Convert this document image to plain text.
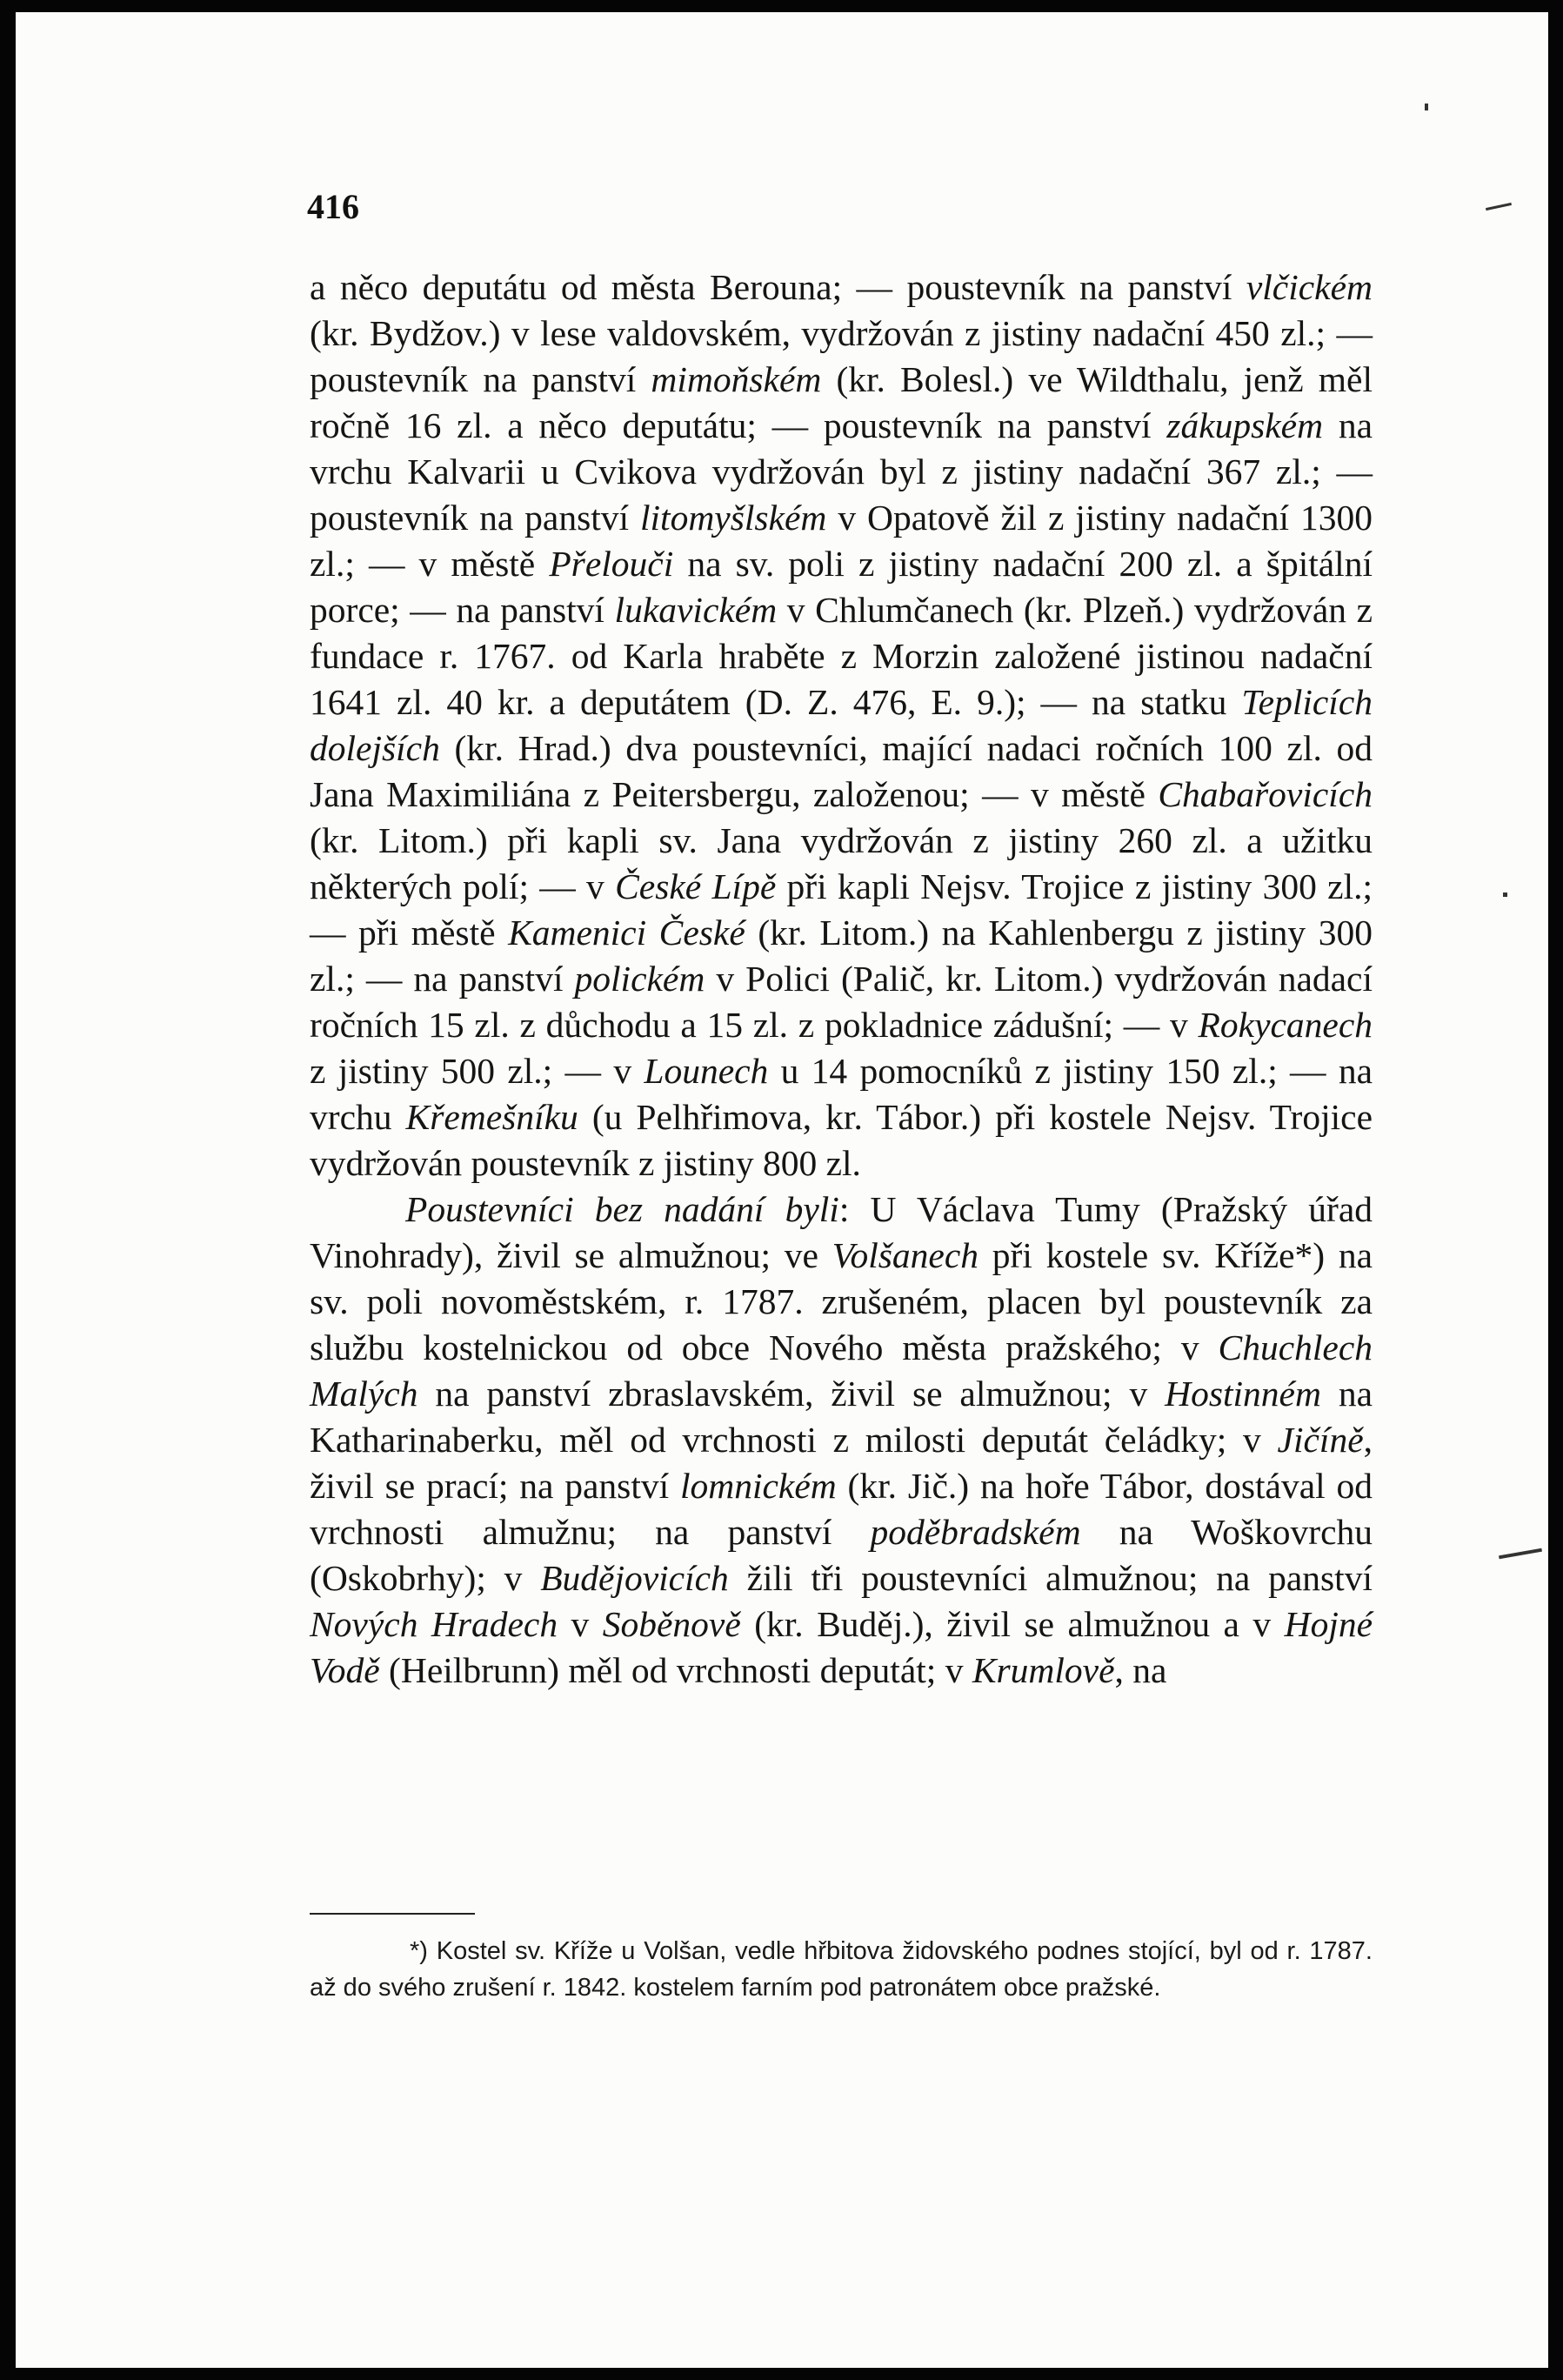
416

a něco deputátu od města Berouna; — poustevník na panství vlčickém (kr. Bydžov.) v lese valdovském, vydržován z jistiny nadační 450 zl.; — poustevník na panství mimoňském (kr. Bolesl.) ve Wildthalu, jenž měl ročně 16 zl. a něco deputátu; — poustevník na panství zákupském na vrchu Kalvarii u Cvikova vydržován byl z jistiny nadační 367 zl.; — poustevník na panství litomyšlském v Opatově žil z jistiny nadační 1300 zl.; — v městě Přelouči na sv. poli z jistiny nadační 200 zl. a špitální porce; — na panství lukavickém v Chlumčanech (kr. Plzeň.) vydržován z fundace r. 1767. od Karla hraběte z Morzin založené jistinou nadační 1641 zl. 40 kr. a deputátem (D. Z. 476, E. 9.); — na statku Teplicích dolejších (kr. Hrad.) dva poustevníci, mající nadaci ročních 100 zl. od Jana Maximiliána z Peitersbergu, založenou; — v městě Chabařovicích (kr. Litom.) při kapli sv. Jana vydržován z jistiny 260 zl. a užitku některých polí; — v České Lípě při kapli Nejsv. Trojice z jistiny 300 zl.; — při městě Kamenici České (kr. Litom.) na Kahlenbergu z jistiny 300 zl.; — na panství polickém v Polici (Palič, kr. Litom.) vydržován nadací ročních 15 zl. z důchodu a 15 zl. z pokladnice zádušní; — v Rokycanech z jistiny 500 zl.; — v Lounech u 14 pomocníků z jistiny 150 zl.; — na vrchu Křemešníku (u Pelhřimova, kr. Tábor.) při kostele Nejsv. Trojice vydržován poustevník z jistiny 800 zl.

Poustevníci bez nadání byli: U Václava Tumy (Pražský úřad Vinohrady), živil se almužnou; ve Volšanech při kostele sv. Kříže*) na sv. poli novoměstském, r. 1787. zrušeném, placen byl poustevník za službu kostelnickou od obce Nového města pražského; v Chuchlech Malých na panství zbraslavském, živil se almužnou; v Hostinném na Katharinaberku, měl od vrchnosti z milosti deputát čeládky; v Jičíně, živil se prací; na panství lomnickém (kr. Jič.) na hoře Tábor, dostával od vrchnosti almužnu; na panství poděbradském na Woškovrchu (Oskobrhy); v Budějovicích žili tři poustevníci almužnou; na panství Nových Hradech v Soběnově (kr. Buděj.), živil se almužnou a v Hojné Vodě (Heilbrunn) měl od vrchnosti deputát; v Krumlově, na

*) Kostel sv. Kříže u Volšan, vedle hřbitova židovského podnes stojící, byl od r. 1787. až do svého zrušení r. 1842. kostelem farním pod patronátem obce pražské.
